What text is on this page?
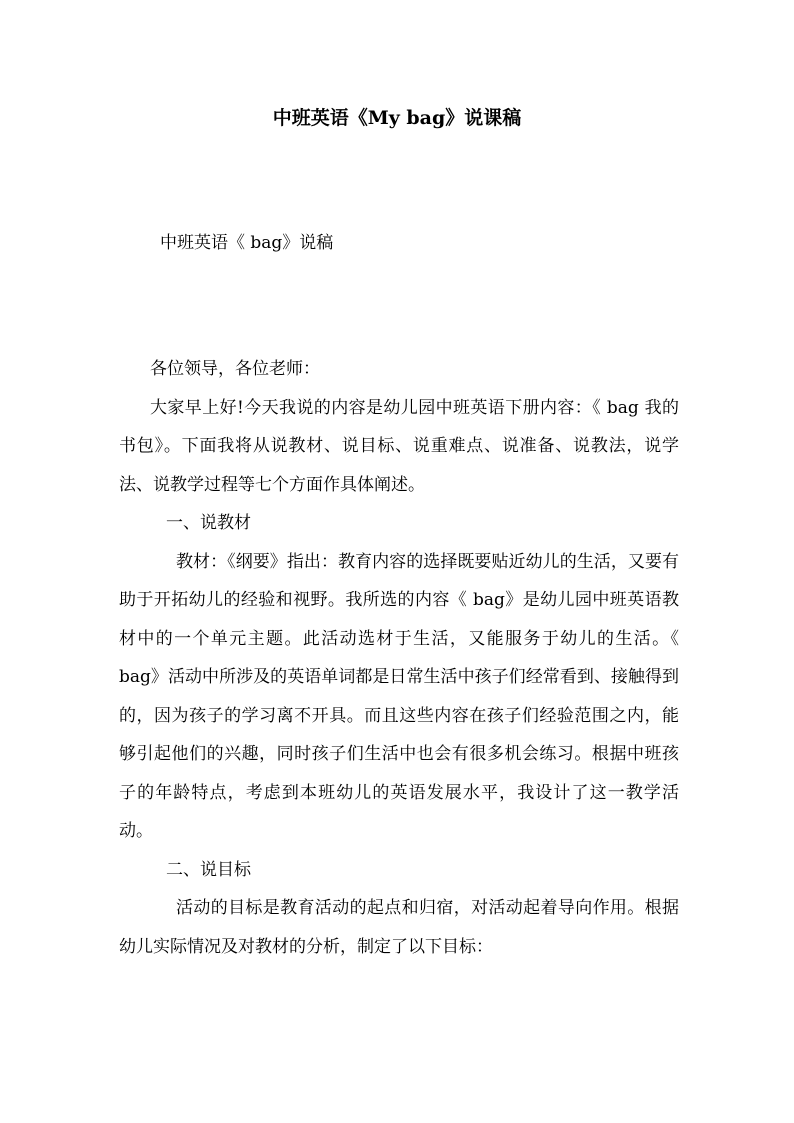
中班英语《My bag》说课稿
中班英语《 bag》说稿

各位领导，各位老师：

大家早上好!今天我说的内容是幼儿园中班英语下册内容：《 bag 我的书包》。下面我将从说教材、说目标、说重难点、说准备、说教法，说学法、说教学过程等七个方面作具体阐述。

一、说教材

教材：《纲要》指出：教育内容的选择既要贴近幼儿的生活，又要有助于开拓幼儿的经验和视野。我所选的内容《 bag》是幼儿园中班英语教材中的一个单元主题。此活动选材于生活，又能服务于幼儿的生活。《 bag》活动中所涉及的英语单词都是日常生活中孩子们经常看到、接触得到的，因为孩子的学习离不开具。而且这些内容在孩子们经验范围之内，能够引起他们的兴趣，同时孩子们生活中也会有很多机会练习。根据中班孩子的年龄特点，考虑到本班幼儿的英语发展水平，我设计了这一教学活动。

二、说目标

活动的目标是教育活动的起点和归宿，对活动起着导向作用。根据幼儿实际情况及对教材的分析，制定了以下目标：
